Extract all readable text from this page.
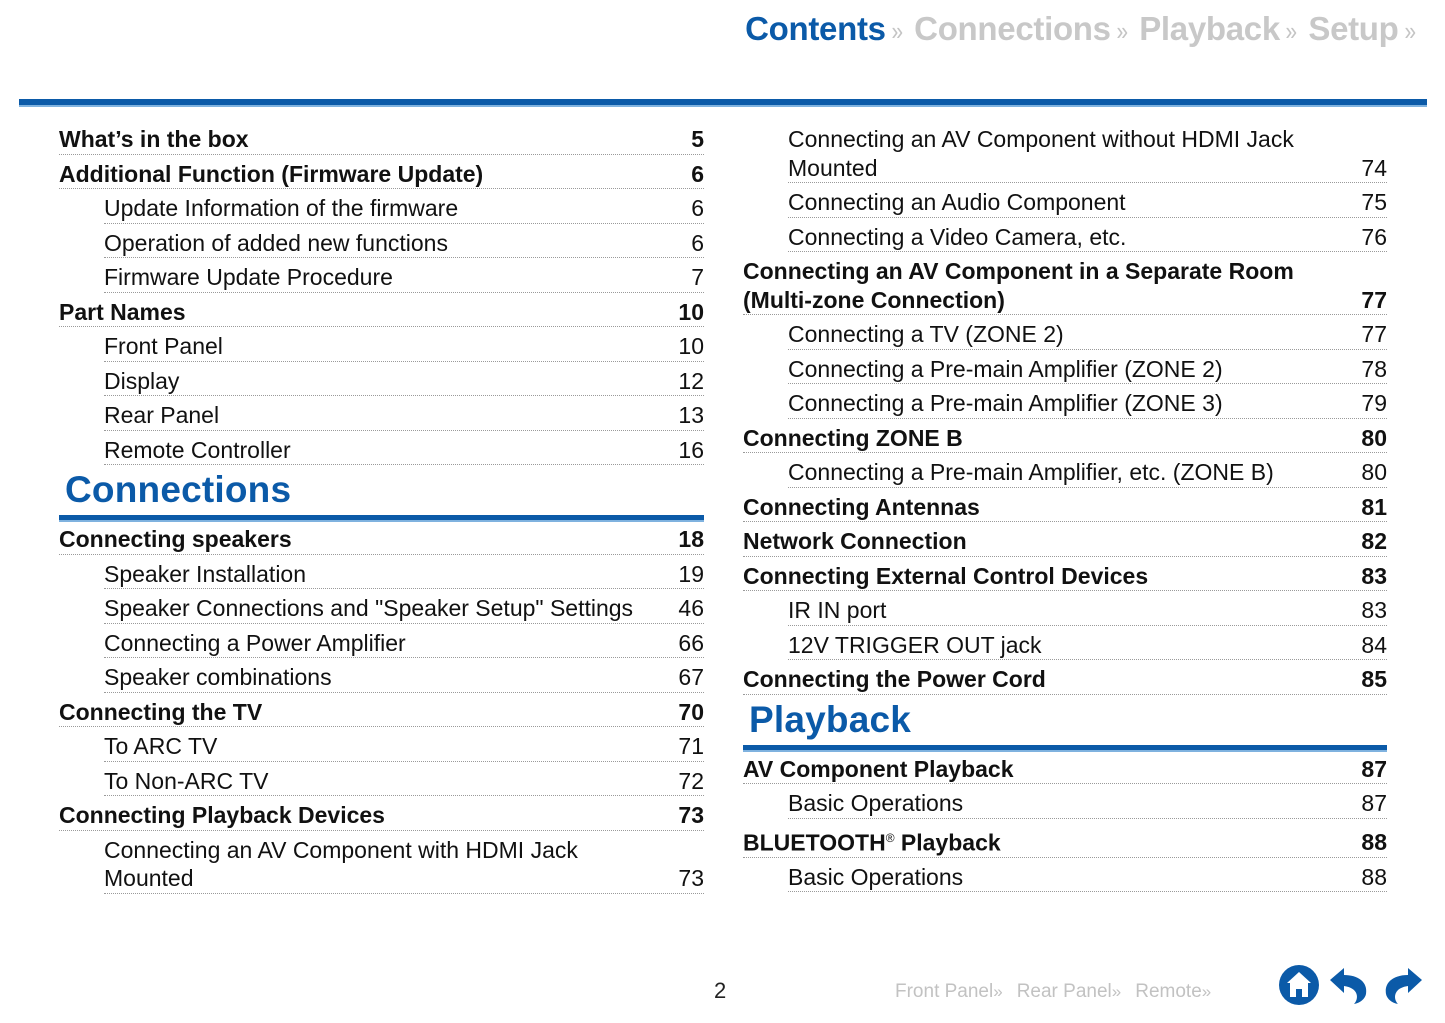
Contents » Connections » Playback » Setup »
What’s in the box	5
Additional Function (Firmware Update)	6
Update Information of the firmware	6
Operation of added new functions	6
Firmware Update Procedure	7
Part Names	10
Front Panel	10
Display	12
Rear Panel	13
Remote Controller	16
Connections
Connecting speakers	18
Speaker Installation	19
Speaker Connections and "Speaker Setup" Settings	46
Connecting a Power Amplifier	66
Speaker combinations	67
Connecting the TV	70
To ARC TV	71
To Non-ARC TV	72
Connecting Playback Devices	73
Connecting an AV Component with HDMI Jack Mounted	73
Connecting an AV Component without HDMI Jack Mounted	74
Connecting an Audio Component	75
Connecting a Video Camera, etc.	76
Connecting an AV Component in a Separate Room (Multi-zone Connection)	77
Connecting a TV (ZONE 2)	77
Connecting a Pre-main Amplifier (ZONE 2)	78
Connecting a Pre-main Amplifier (ZONE 3)	79
Connecting ZONE B	80
Connecting a Pre-main Amplifier, etc. (ZONE B)	80
Connecting Antennas	81
Network Connection	82
Connecting External Control Devices	83
IR IN port	83
12V TRIGGER OUT jack	84
Connecting the Power Cord	85
Playback
AV Component Playback	87
Basic Operations	87
BLUETOOTH® Playback	88
Basic Operations	88
2	Front Panel» Rear Panel» Remote»
